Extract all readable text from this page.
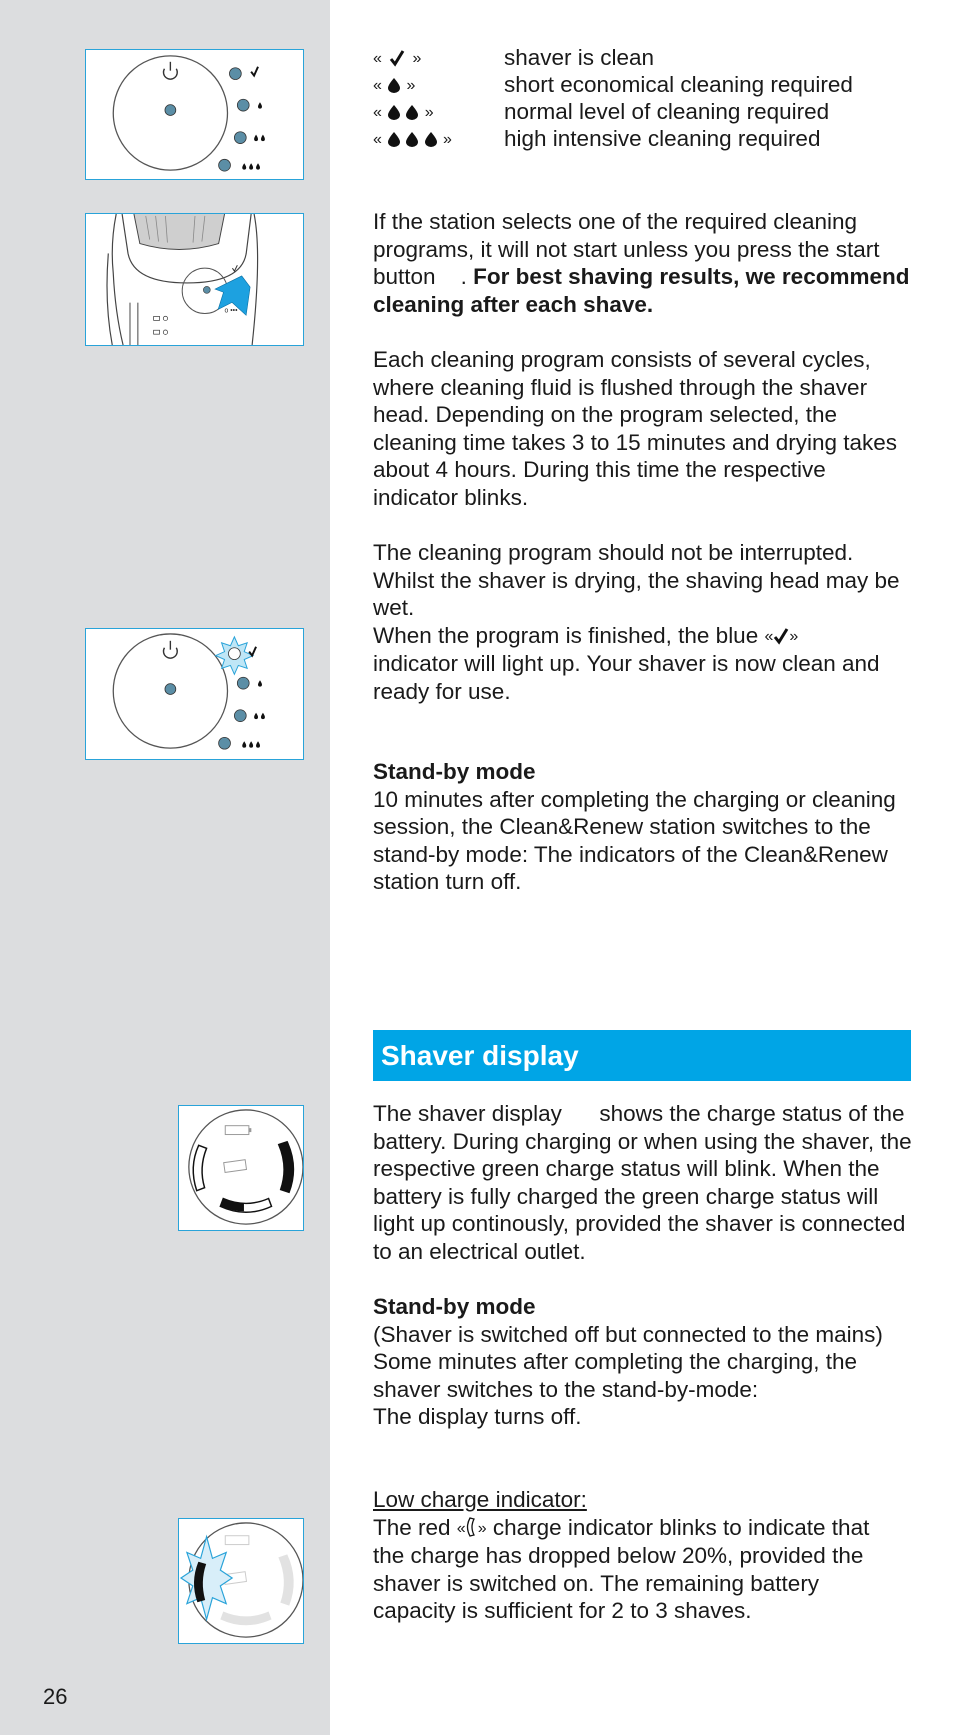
o •••
« »	shaver is clean
« »	short economical cleaning required
«	»	normal level of cleaning required
«	» high intensive cleaning required

If the station selects one of the required cleaning programs, it will not start unless you press the start button . For best shaving results, we recommend cleaning after each shave.

Each cleaning program consists of several cycles, where cleaning fluid is flushed through the shaver head. Depending on the program selected, the cleaning time takes 3 to 15 minutes and drying takes about 4 hours. During this time the respective indicator blinks.

The cleaning program should not be interrupted. Whilst the shaver is drying, the shaving head may be wet.
When the program is finished, the blue « »
indicator will light up. Your shaver is now clean and ready for use.

Stand-by mode
10 minutes after completing the charging or cleaning session, the Clean&Renew station switches to the stand-by mode: The indicators of the Clean&Renew station turn off.

Shaver display

The shaver display shows the charge status of the battery. During charging or when using the shaver, the respective green charge status will blink. When the battery is fully charged the green charge status will light up continously, provided the shaver is connected to an electrical outlet.

Stand-by mode
(Shaver is switched off but connected to the mains)
Some minutes after completing the charging, the shaver switches to the stand-by-mode:
The display turns off.

Low charge indicator:
The red « » charge indicator blinks to indicate that the charge has dropped below 20%, provided the shaver is switched on. The remaining battery capacity is sufficient for 2 to 3 shaves.

26
